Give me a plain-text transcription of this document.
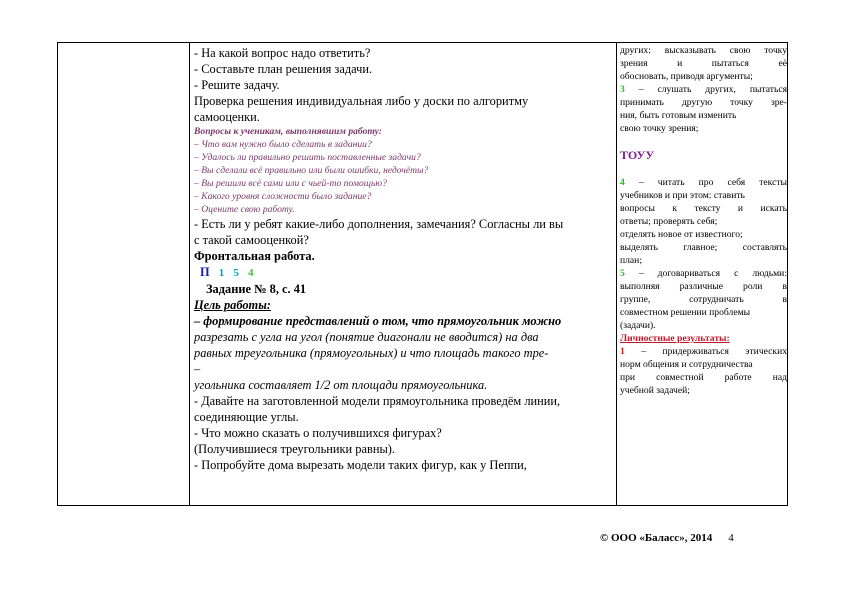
- На какой вопрос надо ответить?
- Составьте план решения задачи.
- Решите задачу.
Проверка решения индивидуальная либо у доски по алгоритму
самооценки.
Вопросы к ученикам, выполнявшим работу:
– Что вам нужно было сделать в задании?
– Удалось ли правильно решить поставленные задачи?
– Вы сделали всё правильно или были ошибки, недочёты?
– Вы решили всё сами или с чьей-то помощью?
– Какого уровня сложности было задание?
– Оцените свою работу.
- Есть ли у ребят какие-либо дополнения, замечания? Согласны ли вы
с такой самооценкой?
Фронтальная работа.
П 1 5 4
Задание № 8, с. 41
Цель работы:
– формирование представлений о том, что прямоугольник можно
разрезать с угла на угол (понятие диагонали не вводится) на два
равных треугольника (прямоугольных) и что площадь такого тре-
–
угольника составляет 1/2 от площади прямоугольника.
- Давайте на заготовленной модели прямоугольника проведём линии,
соединяющие углы.
- Что можно сказать о получившихся фигурах?
(Получившиеся треугольники равны).
- Попробуйте дома вырезать модели таких фигур, как у Пеппи,
других: высказывать свою точку
зрения и пытаться её
обосновать, приводя аргументы;
3 – слушать других, пытаться
принимать другую точку зре-
ния, быть готовым изменить
свою точку зрения;
ТОУУ
4 – читать про себя тексты
учебников и при этом: ставить
вопросы к тексту и искать
ответы; проверять себя;
отделять новое от известного;
выделять главное; составлять
план;
5 – договариваться с людьми:
выполняя различные роли в
группе, сотрудничать в
совместном решении проблемы
(задачи).
Личностные результаты:
1 – придерживаться этических
норм общения и сотрудничества
при совместной работе над
учебной задачей;
© ООО «Баласс», 2014 4
